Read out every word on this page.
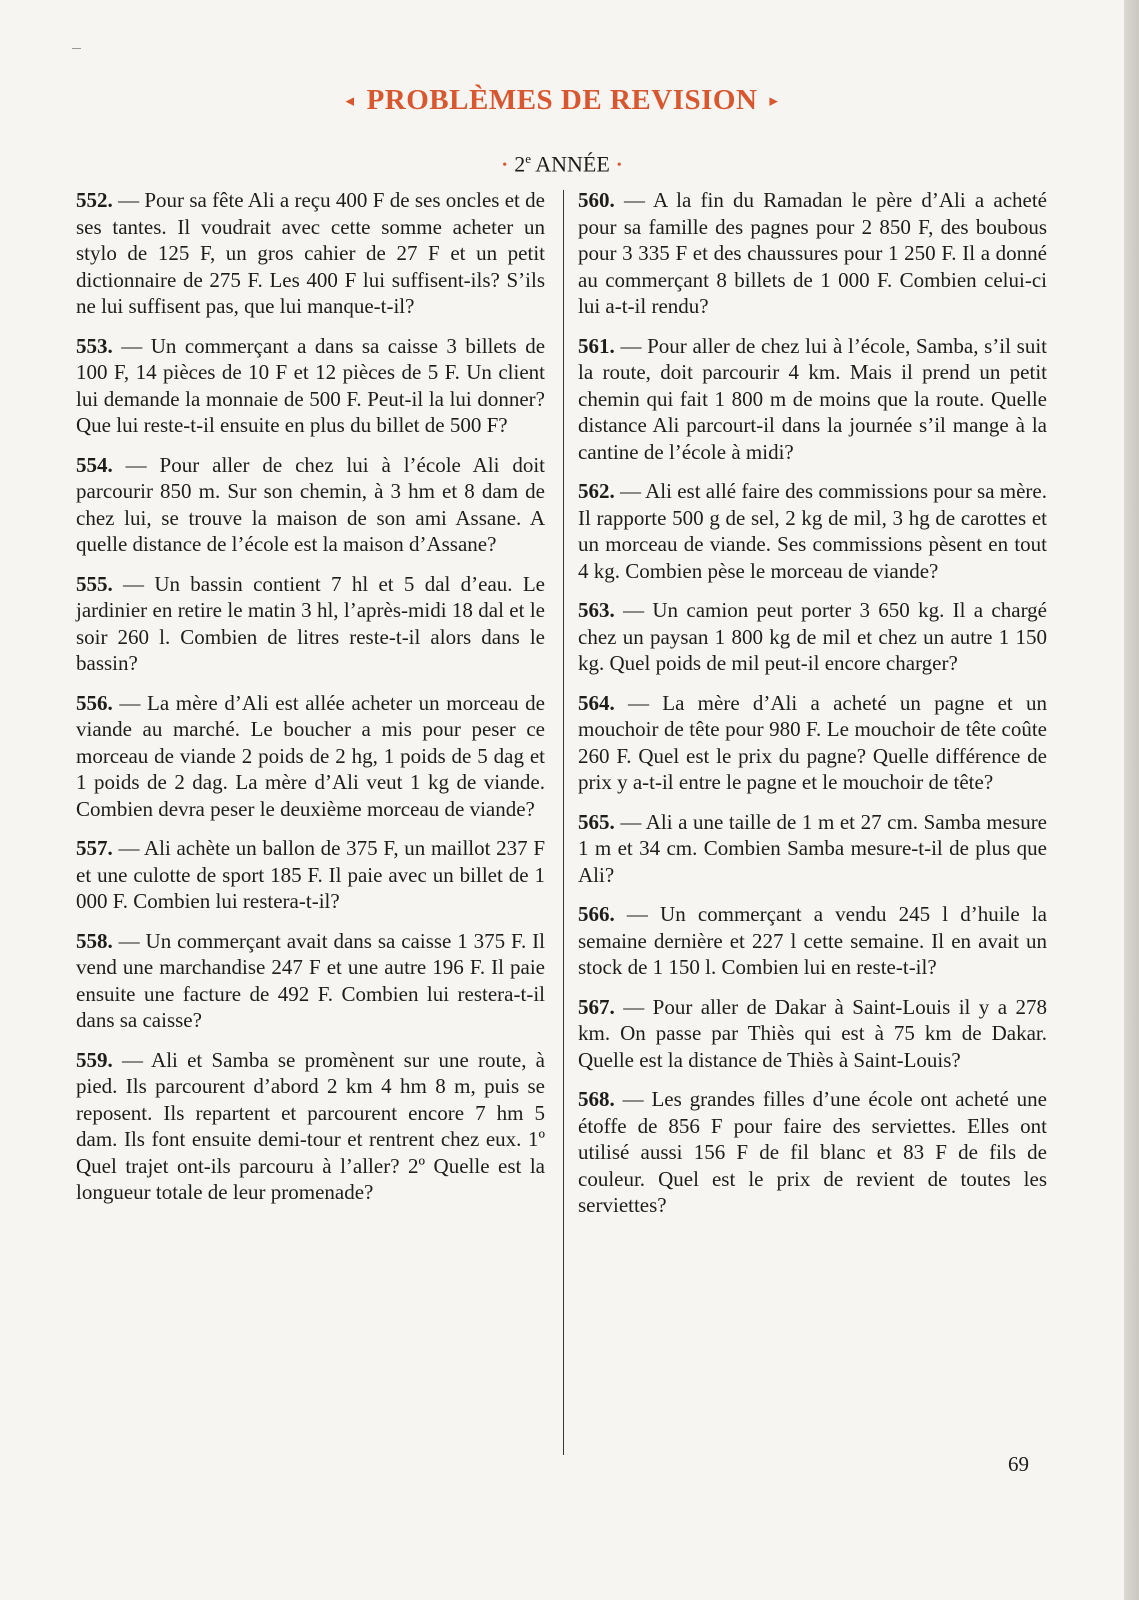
◂ PROBLÈMES DE REVISION ▸
• 2e ANNÉE •
552. — Pour sa fête Ali a reçu 400 F de ses oncles et de ses tantes. Il voudrait avec cette somme acheter un stylo de 125 F, un gros cahier de 27 F et un petit dictionnaire de 275 F. Les 400 F lui suffisent-ils? S’ils ne lui suffisent pas, que lui manque-t-il?
553. — Un commerçant a dans sa caisse 3 billets de 100 F, 14 pièces de 10 F et 12 pièces de 5 F. Un client lui demande la monnaie de 500 F. Peut-il la lui donner? Que lui reste-t-il ensuite en plus du billet de 500 F?
554. — Pour aller de chez lui à l’école Ali doit parcourir 850 m. Sur son chemin, à 3 hm et 8 dam de chez lui, se trouve la maison de son ami Assane. A quelle distance de l’école est la maison d’Assane?
555. — Un bassin contient 7 hl et 5 dal d’eau. Le jardinier en retire le matin 3 hl, l’après-midi 18 dal et le soir 260 l. Combien de litres reste-t-il alors dans le bassin?
556. — La mère d’Ali est allée acheter un morceau de viande au marché. Le boucher a mis pour peser ce morceau de viande 2 poids de 2 hg, 1 poids de 5 dag et 1 poids de 2 dag. La mère d’Ali veut 1 kg de viande. Combien devra peser le deuxième morceau de viande?
557. — Ali achète un ballon de 375 F, un maillot 237 F et une culotte de sport 185 F. Il paie avec un billet de 1 000 F. Combien lui restera-t-il?
558. — Un commerçant avait dans sa caisse 1 375 F. Il vend une marchandise 247 F et une autre 196 F. Il paie ensuite une facture de 492 F. Combien lui restera-t-il dans sa caisse?
559. — Ali et Samba se promènent sur une route, à pied. Ils parcourent d’abord 2 km 4 hm 8 m, puis se reposent. Ils repartent et parcourent encore 7 hm 5 dam. Ils font ensuite demi-tour et rentrent chez eux. 1º Quel trajet ont-ils parcouru à l’aller? 2º Quelle est la longueur totale de leur promenade?
560. — A la fin du Ramadan le père d’Ali a acheté pour sa famille des pagnes pour 2 850 F, des boubous pour 3 335 F et des chaussures pour 1 250 F. Il a donné au commerçant 8 billets de 1 000 F. Combien celui-ci lui a-t-il rendu?
561. — Pour aller de chez lui à l’école, Samba, s’il suit la route, doit parcourir 4 km. Mais il prend un petit chemin qui fait 1 800 m de moins que la route. Quelle distance Ali parcourt-il dans la journée s’il mange à la cantine de l’école à midi?
562. — Ali est allé faire des commissions pour sa mère. Il rapporte 500 g de sel, 2 kg de mil, 3 hg de carottes et un morceau de viande. Ses commissions pèsent en tout 4 kg. Combien pèse le morceau de viande?
563. — Un camion peut porter 3 650 kg. Il a chargé chez un paysan 1 800 kg de mil et chez un autre 1 150 kg. Quel poids de mil peut-il encore charger?
564. — La mère d’Ali a acheté un pagne et un mouchoir de tête pour 980 F. Le mouchoir de tête coûte 260 F. Quel est le prix du pagne? Quelle différence de prix y a-t-il entre le pagne et le mouchoir de tête?
565. — Ali a une taille de 1 m et 27 cm. Samba mesure 1 m et 34 cm. Combien Samba mesure-t-il de plus que Ali?
566. — Un commerçant a vendu 245 l d’huile la semaine dernière et 227 l cette semaine. Il en avait un stock de 1 150 l. Combien lui en reste-t-il?
567. — Pour aller de Dakar à Saint-Louis il y a 278 km. On passe par Thiès qui est à 75 km de Dakar. Quelle est la distance de Thiès à Saint-Louis?
568. — Les grandes filles d’une école ont acheté une étoffe de 856 F pour faire des serviettes. Elles ont utilisé aussi 156 F de fil blanc et 83 F de fils de couleur. Quel est le prix de revient de toutes les serviettes?
69
